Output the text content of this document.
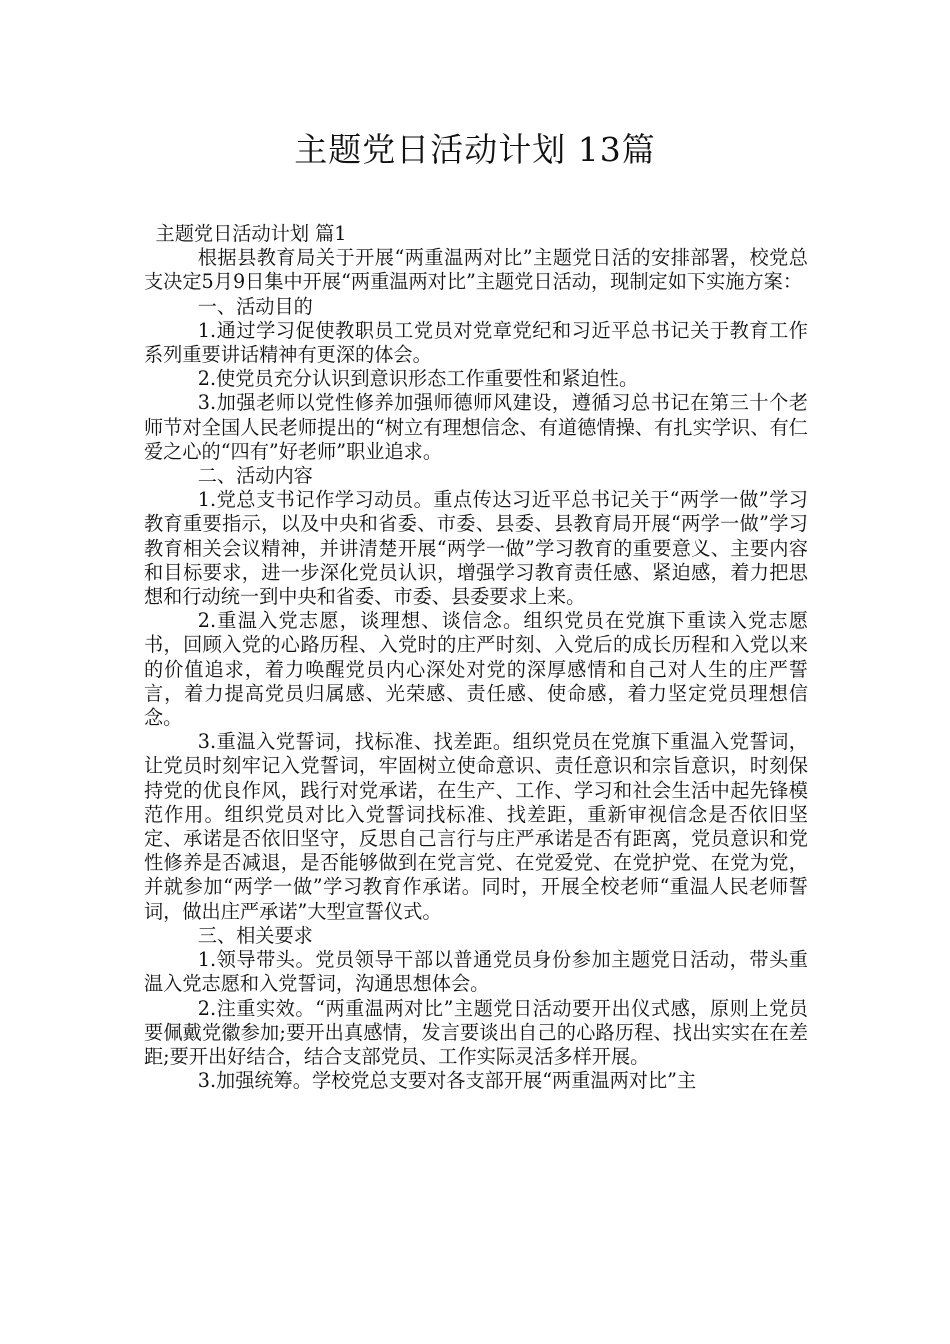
主题党日活动计划 13篇

主题党日活动计划 篇1

根据县教育局关于开展“两重温两对比”主题党日活的安排部署，校党总支决定5月9日集中开展“两重温两对比”主题党日活动，现制定如下实施方案：

一、活动目的

1.通过学习促使教职员工党员对党章党纪和习近平总书记关于教育工作系列重要讲话精神有更深的体会。

2.使党员充分认识到意识形态工作重要性和紧迫性。

3.加强老师以党性修养加强师德师风建设，遵循习总书记在第三十个老师节对全国人民老师提出的“树立有理想信念、有道德情操、有扎实学识、有仁爱之心的“四有”好老师”职业追求。

二、活动内容

1.党总支书记作学习动员。重点传达习近平总书记关于“两学一做”学习教育重要指示，以及中央和省委、市委、县委、县教育局开展“两学一做”学习教育相关会议精神，并讲清楚开展“两学一做”学习教育的重要意义、主要内容和目标要求，进一步深化党员认识，增强学习教育责任感、紧迫感，着力把思想和行动统一到中央和省委、市委、县委要求上来。

2.重温入党志愿，谈理想、谈信念。组织党员在党旗下重读入党志愿书，回顾入党的心路历程、入党时的庄严时刻、入党后的成长历程和入党以来的价值追求，着力唤醒党员内心深处对党的深厚感情和自己对人生的庄严誓言，着力提高党员归属感、光荣感、责任感、使命感，着力坚定党员理想信念。

3.重温入党誓词，找标准、找差距。组织党员在党旗下重温入党誓词，让党员时刻牢记入党誓词，牢固树立使命意识、责任意识和宗旨意识，时刻保持党的优良作风，践行对党承诺，在生产、工作、学习和社会生活中起先锋模范作用。组织党员对比入党誓词找标准、找差距，重新审视信念是否依旧坚定、承诺是否依旧坚守，反思自己言行与庄严承诺是否有距离，党员意识和党性修养是否减退，是否能够做到在党言党、在党爱党、在党护党、在党为党，并就参加“两学一做”学习教育作承诺。同时，开展全校老师“重温人民老师誓词，做出庄严承诺”大型宣誓仪式。

三、相关要求

1.领导带头。党员领导干部以普通党员身份参加主题党日活动，带头重温入党志愿和入党誓词，沟通思想体会。

2.注重实效。“两重温两对比”主题党日活动要开出仪式感，原则上党员要佩戴党徽参加;要开出真感情，发言要谈出自己的心路历程、找出实实在在差距;要开出好结合，结合支部党员、工作实际灵活多样开展。

3.加强统筹。学校党总支要对各支部开展“两重温两对比”主
